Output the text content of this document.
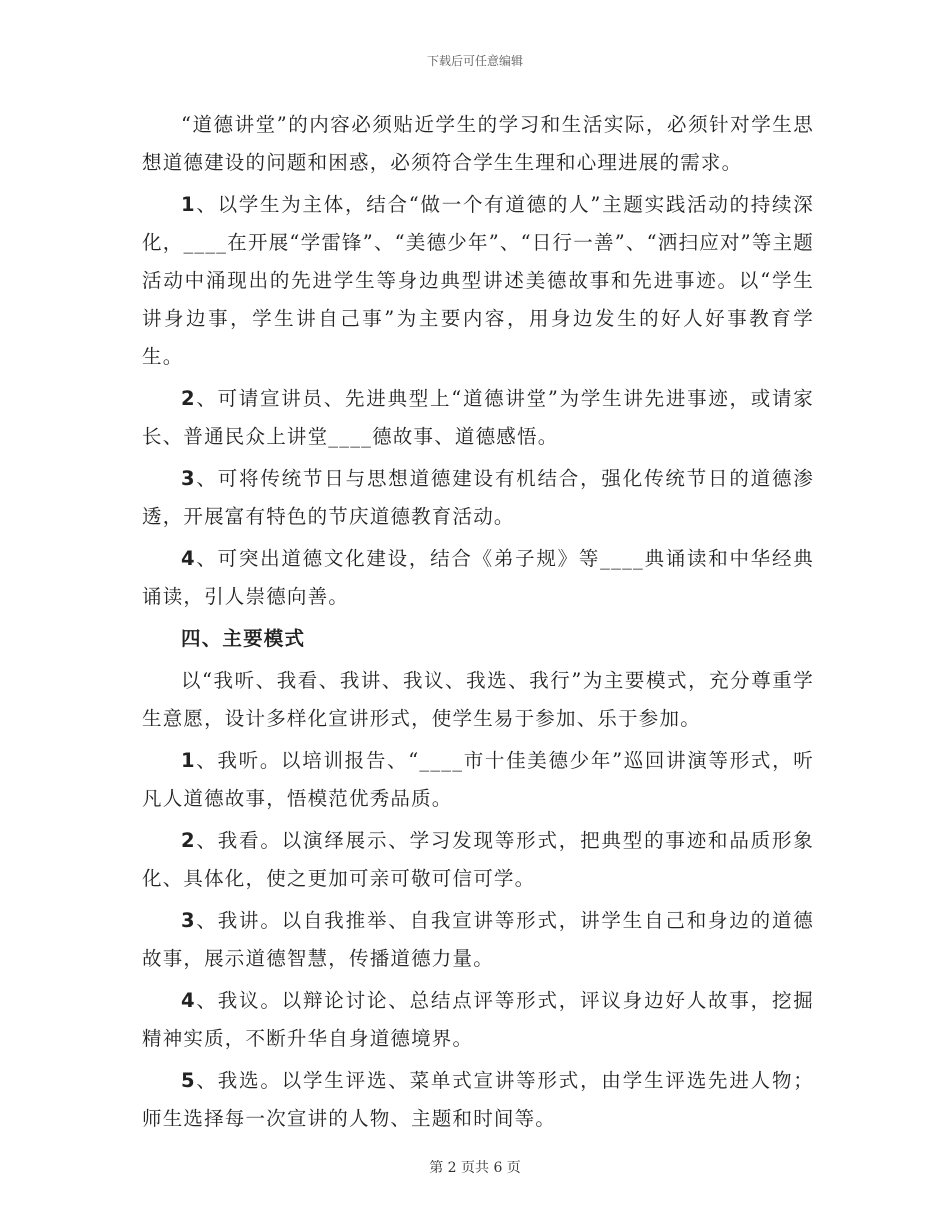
下载后可任意编辑

“道德讲堂”的内容必须贴近学生的学习和生活实际，必须针对学生思想道德建设的问题和困惑，必须符合学生生理和心理进展的需求。

1、以学生为主体，结合“做一个有道德的人”主题实践活动的持续深化，____在开展“学雷锋”、“美德少年”、“日行一善”、“洒扫应对”等主题活动中涌现出的先进学生等身边典型讲述美德故事和先进事迹。以“学生讲身边事，学生讲自己事”为主要内容，用身边发生的好人好事教育学生。

2、可请宣讲员、先进典型上“道德讲堂”为学生讲先进事迹，或请家长、普通民众上讲堂____德故事、道德感悟。

3、可将传统节日与思想道德建设有机结合，强化传统节日的道德渗透，开展富有特色的节庆道德教育活动。

4、可突出道德文化建设，结合《弟子规》等____典诵读和中华经典诵读，引人崇德向善。

四、主要模式

以“我听、我看、我讲、我议、我选、我行”为主要模式，充分尊重学生意愿，设计多样化宣讲形式，使学生易于参加、乐于参加。

1、我听。以培训报告、“____市十佳美德少年”巡回讲演等形式，听凡人道德故事，悟模范优秀品质。

2、我看。以演绎展示、学习发现等形式，把典型的事迹和品质形象化、具体化，使之更加可亲可敬可信可学。

3、我讲。以自我推举、自我宣讲等形式，讲学生自己和身边的道德故事，展示道德智慧，传播道德力量。

4、我议。以辩论讨论、总结点评等形式，评议身边好人故事，挖掘精神实质，不断升华自身道德境界。

5、我选。以学生评选、菜单式宣讲等形式，由学生评选先进人物；师生选择每一次宣讲的人物、主题和时间等。

第 2 页共 6 页
